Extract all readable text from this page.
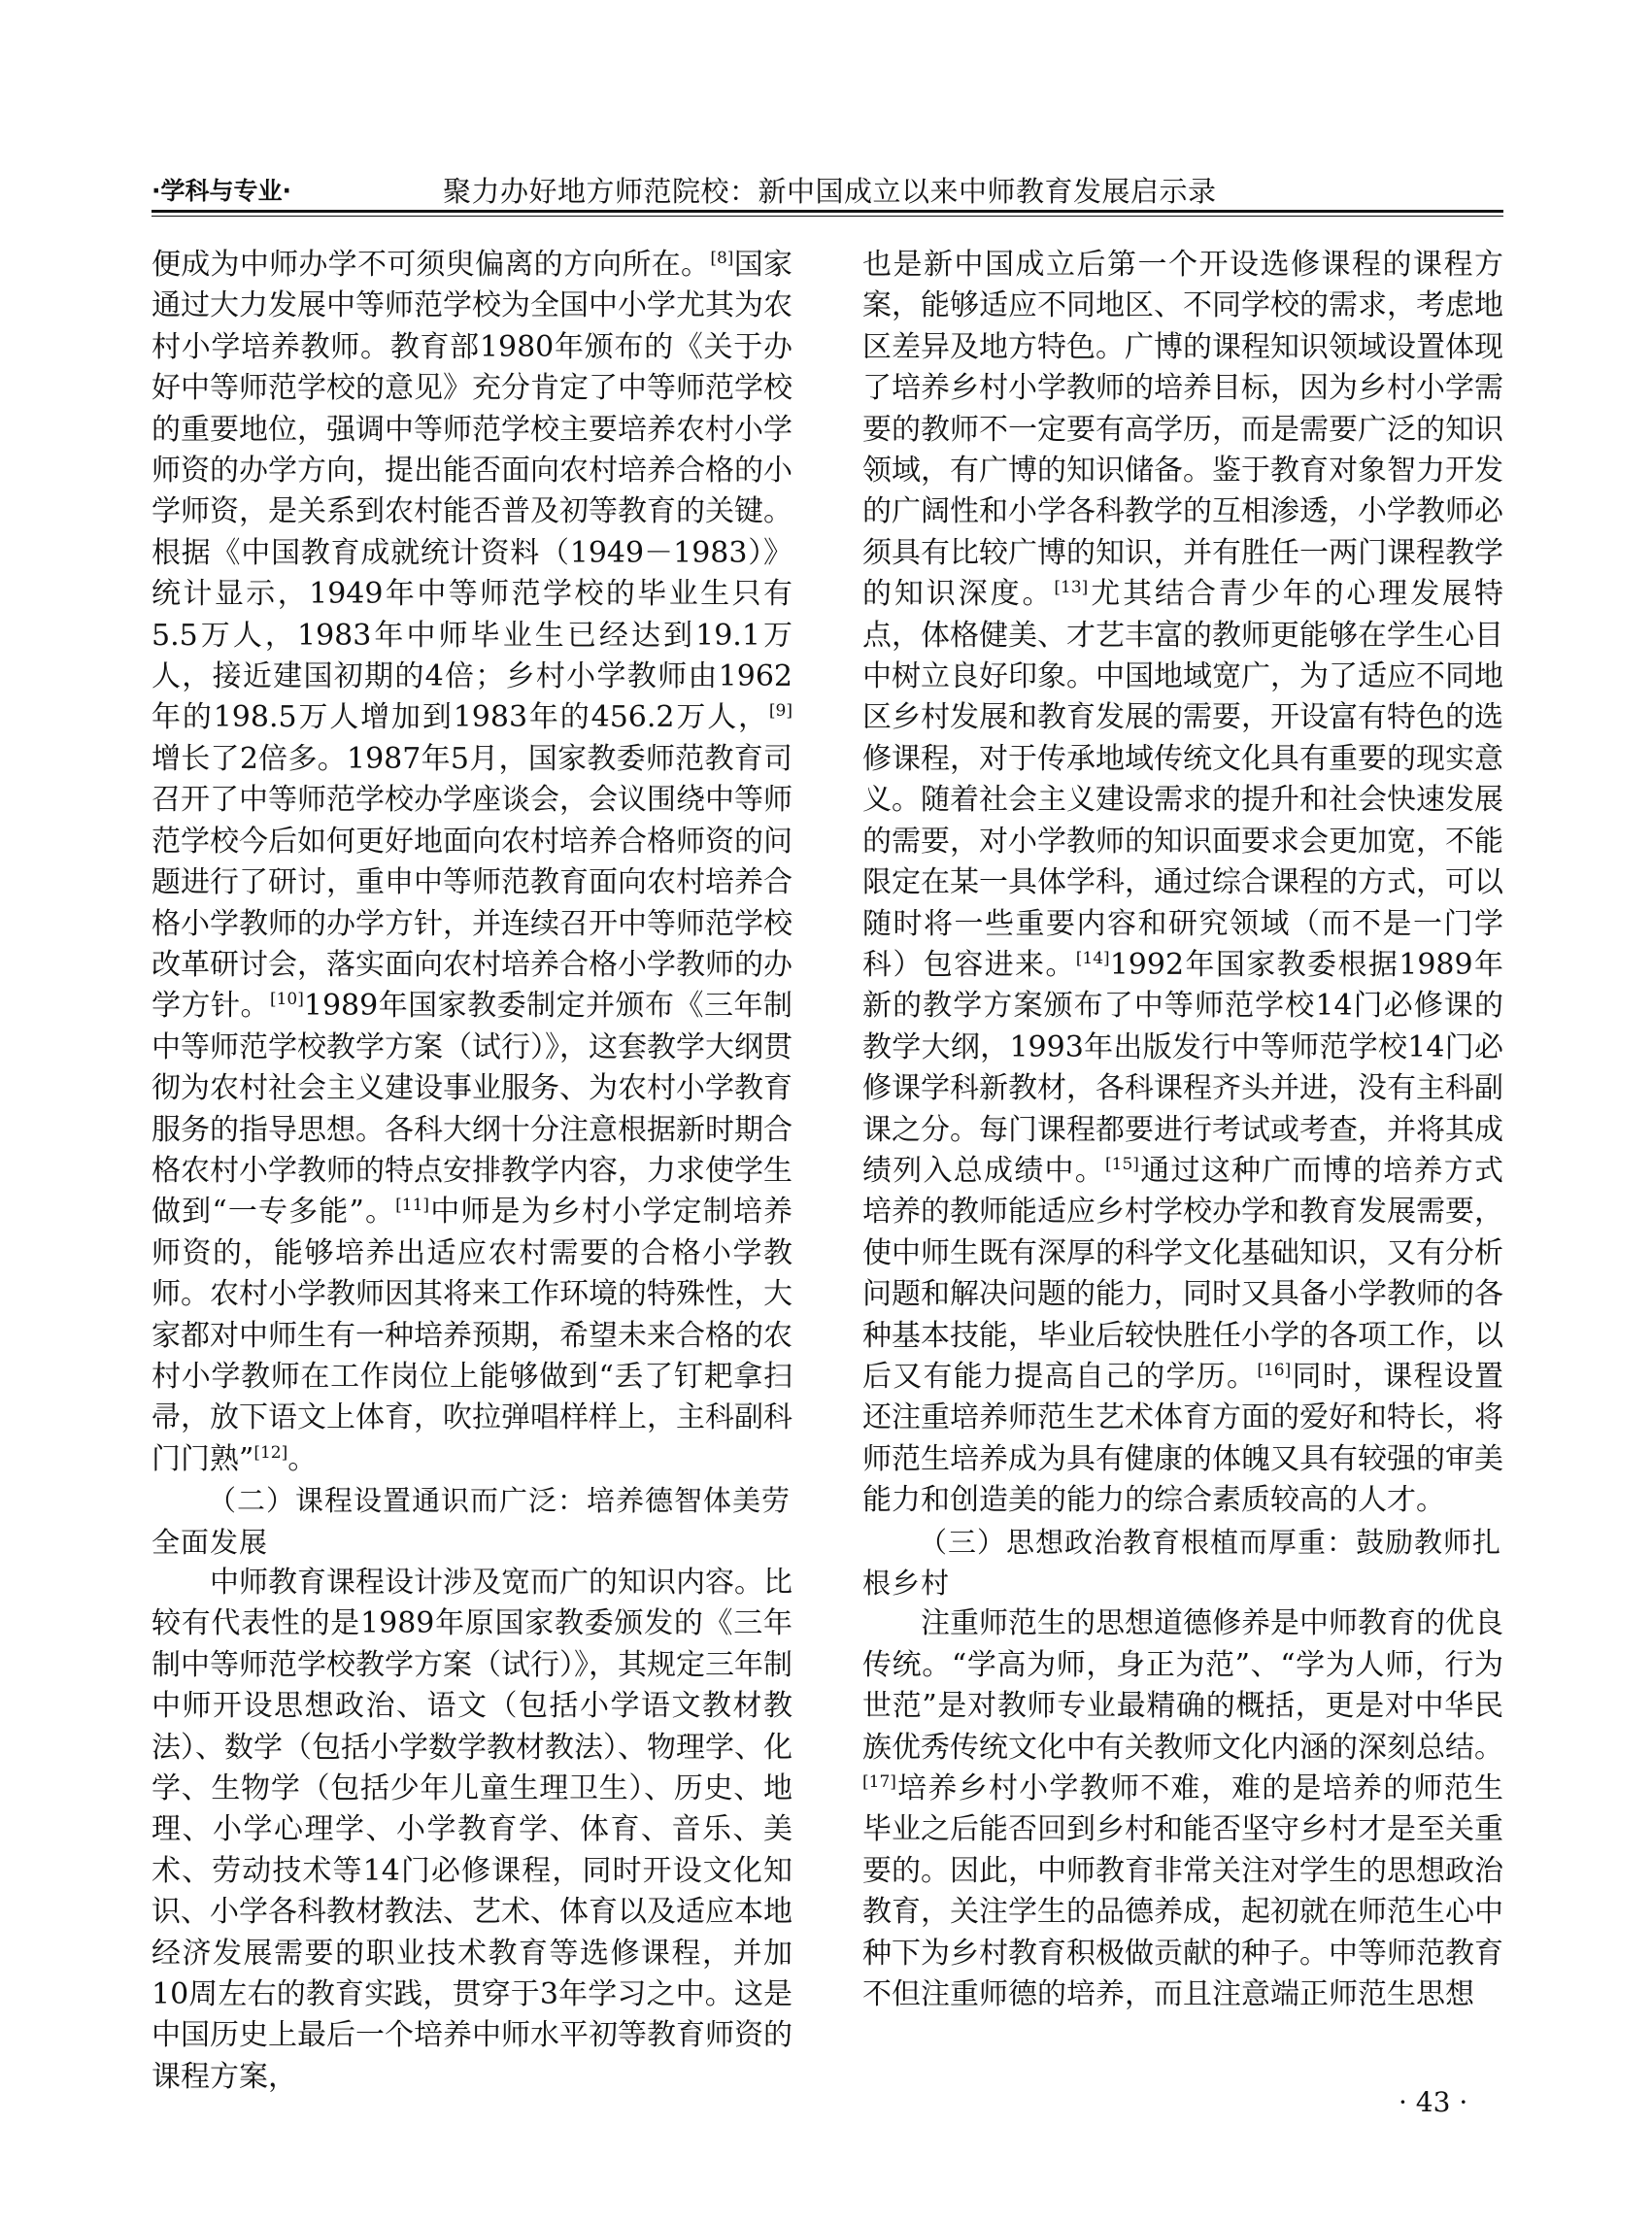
·学科与专业·	聚力办好地方师范院校：新中国成立以来中师教育发展启示录

便成为中师办学不可须臾偏离的方向所在。[8]国家通过大力发展中等师范学校为全国中小学尤其为农村小学培养教师。教育部1980年颁布的《关于办好中等师范学校的意见》充分肯定了中等师范学校的重要地位，强调中等师范学校主要培养农村小学师资的办学方向，提出能否面向农村培养合格的小学师资，是关系到农村能否普及初等教育的关键。根据《中国教育成就统计资料（1949－1983）》统计显示，1949年中等师范学校的毕业生只有5.5万人，1983年中师毕业生已经达到19.1万人，接近建国初期的4倍；乡村小学教师由1962年的198.5万人增加到1983年的456.2万人，[9]增长了2倍多。1987年5月，国家教委师范教育司召开了中等师范学校办学座谈会，会议围绕中等师范学校今后如何更好地面向农村培养合格师资的问题进行了研讨，重申中等师范教育面向农村培养合格小学教师的办学方针，并连续召开中等师范学校改革研讨会，落实面向农村培养合格小学教师的办学方针。[10]1989年国家教委制定并颁布《三年制中等师范学校教学方案（试行）》，这套教学大纲贯彻为农村社会主义建设事业服务、为农村小学教育服务的指导思想。各科大纲十分注意根据新时期合格农村小学教师的特点安排教学内容，力求使学生做到“一专多能”。[11]中师是为乡村小学定制培养师资的，能够培养出适应农村需要的合格小学教师。农村小学教师因其将来工作环境的特殊性，大家都对中师生有一种培养预期，希望未来合格的农村小学教师在工作岗位上能够做到“丢了钉耙拿扫帚，放下语文上体育，吹拉弹唱样样上，主科副科门门熟”[12]。

（二）课程设置通识而广泛：培养德智体美劳全面发展

中师教育课程设计涉及宽而广的知识内容。比较有代表性的是1989年原国家教委颁发的《三年制中等师范学校教学方案（试行）》，其规定三年制中师开设思想政治、语文（包括小学语文教材教法）、数学（包括小学数学教材教法）、物理学、化学、生物学（包括少年儿童生理卫生）、历史、地理、小学心理学、小学教育学、体育、音乐、美术、劳动技术等14门必修课程，同时开设文化知识、小学各科教材教法、艺术、体育以及适应本地经济发展需要的职业技术教育等选修课程，并加10周左右的教育实践，贯穿于3年学习之中。这是中国历史上最后一个培养中师水平初等教育师资的课程方案，

也是新中国成立后第一个开设选修课程的课程方案，能够适应不同地区、不同学校的需求，考虑地区差异及地方特色。广博的课程知识领域设置体现了培养乡村小学教师的培养目标，因为乡村小学需要的教师不一定要有高学历，而是需要广泛的知识领域，有广博的知识储备。鉴于教育对象智力开发的广阔性和小学各科教学的互相渗透，小学教师必须具有比较广博的知识，并有胜任一两门课程教学的知识深度。[13]尤其结合青少年的心理发展特点，体格健美、才艺丰富的教师更能够在学生心目中树立良好印象。中国地域宽广，为了适应不同地区乡村发展和教育发展的需要，开设富有特色的选修课程，对于传承地域传统文化具有重要的现实意义。随着社会主义建设需求的提升和社会快速发展的需要，对小学教师的知识面要求会更加宽，不能限定在某一具体学科，通过综合课程的方式，可以随时将一些重要内容和研究领域（而不是一门学科）包容进来。[14]1992年国家教委根据1989年新的教学方案颁布了中等师范学校14门必修课的教学大纲，1993年出版发行中等师范学校14门必修课学科新教材，各科课程齐头并进，没有主科副课之分。每门课程都要进行考试或考查，并将其成绩列入总成绩中。[15]通过这种广而博的培养方式培养的教师能适应乡村学校办学和教育发展需要，使中师生既有深厚的科学文化基础知识，又有分析问题和解决问题的能力，同时又具备小学教师的各种基本技能，毕业后较快胜任小学的各项工作，以后又有能力提高自己的学历。[16]同时，课程设置还注重培养师范生艺术体育方面的爱好和特长，将师范生培养成为具有健康的体魄又具有较强的审美能力和创造美的能力的综合素质较高的人才。

（三）思想政治教育根植而厚重：鼓励教师扎根乡村

注重师范生的思想道德修养是中师教育的优良传统。“学高为师，身正为范”、“学为人师，行为世范”是对教师专业最精确的概括，更是对中华民族优秀传统文化中有关教师文化内涵的深刻总结。[17]培养乡村小学教师不难，难的是培养的师范生毕业之后能否回到乡村和能否坚守乡村才是至关重要的。因此，中师教育非常关注对学生的思想政治教育，关注学生的品德养成，起初就在师范生心中种下为乡村教育积极做贡献的种子。中等师范教育不但注重师德的培养，而且注意端正师范生思想

· 43 ·
